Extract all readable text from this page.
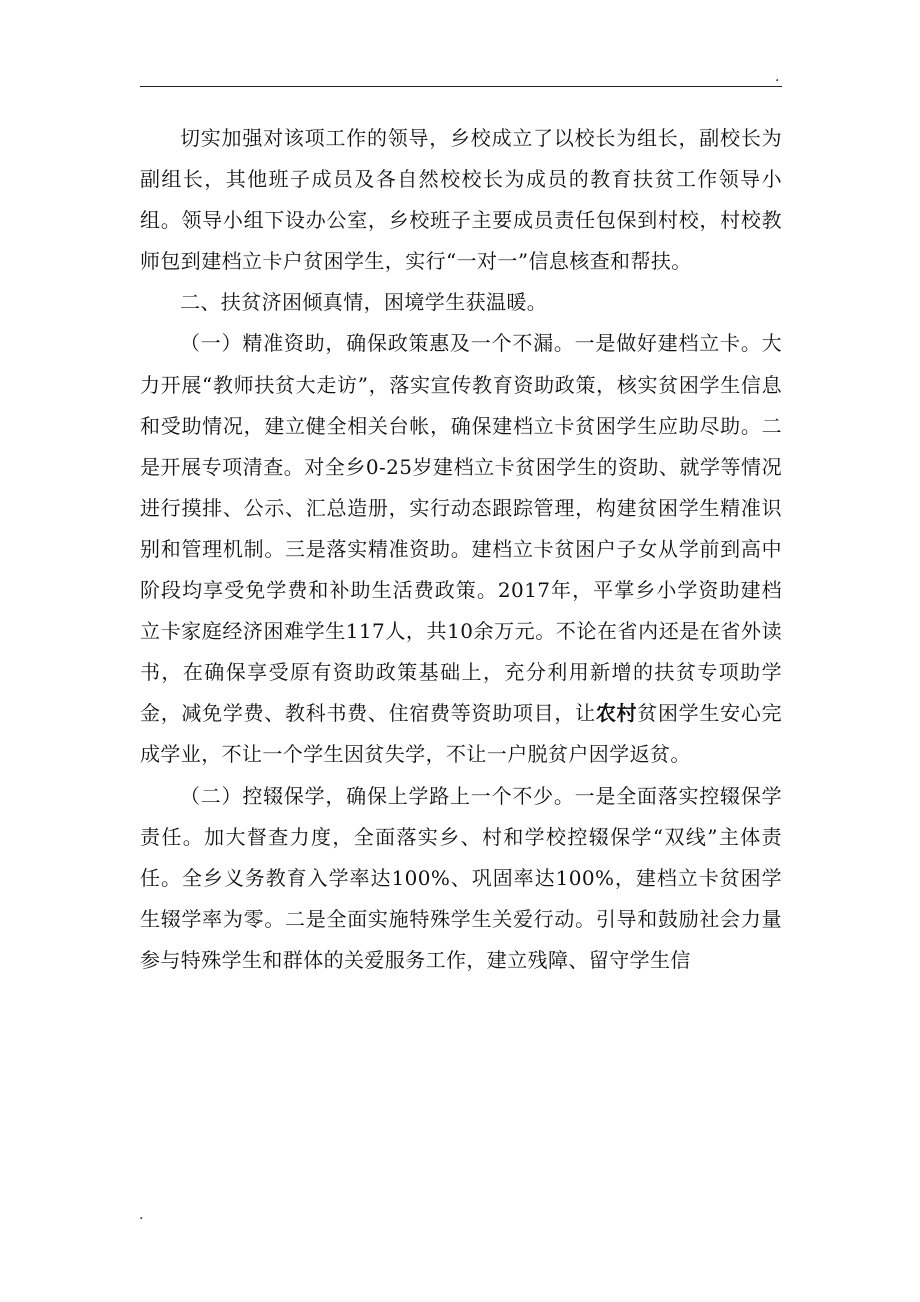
.

切实加强对该项工作的领导，乡校成立了以校长为组长，副校长为副组长，其他班子成员及各自然校校长为成员的教育扶贫工作领导小组。领导小组下设办公室，乡校班子主要成员责任包保到村校，村校教师包到建档立卡户贫困学生，实行“一对一”信息核查和帮扶。

二、扶贫济困倾真情，困境学生获温暖。

（一）精准资助，确保政策惠及一个不漏。一是做好建档立卡。大力开展“教师扶贫大走访”，落实宣传教育资助政策，核实贫困学生信息和受助情况，建立健全相关台帐，确保建档立卡贫困学生应助尽助。二是开展专项清查。对全乡0-25岁建档立卡贫困学生的资助、就学等情况进行摸排、公示、汇总造册，实行动态跟踪管理，构建贫困学生精准识别和管理机制。三是落实精准资助。建档立卡贫困户子女从学前到高中阶段均享受免学费和补助生活费政策。2017年，平掌乡小学资助建档立卡家庭经济困难学生117人，共10余万元。不论在省内还是在省外读书，在确保享受原有资助政策基础上，充分利用新增的扶贫专项助学金，减免学费、教科书费、住宿费等资助项目，让农村贫困学生安心完成学业，不让一个学生因贫失学，不让一户脱贫户因学返贫。

（二）控辍保学，确保上学路上一个不少。一是全面落实控辍保学责任。加大督查力度，全面落实乡、村和学校控辍保学“双线”主体责任。全乡义务教育入学率达100%、巩固率达100%，建档立卡贫困学生辍学率为零。二是全面实施特殊学生关爱行动。引导和鼓励社会力量参与特殊学生和群体的关爱服务工作，建立残障、留守学生信

.
